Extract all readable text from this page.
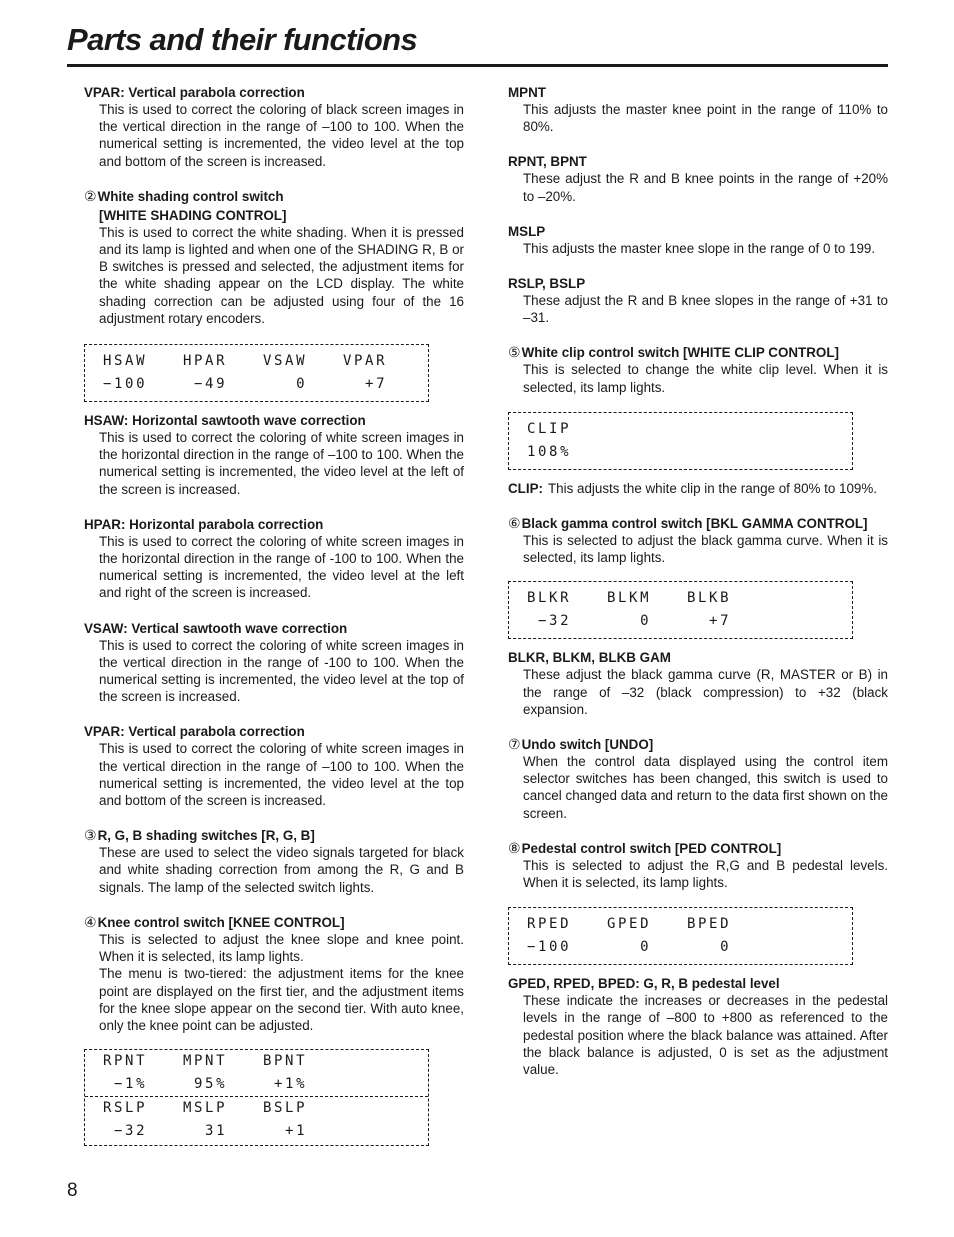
Parts and their functions

VPAR: Vertical parabola correction

This is used to correct the coloring of black screen images in the vertical direction in the range of –100 to 100. When the numerical setting is incremented, the video level at the top and bottom of the screen is increased.

②White shading control switch

[WHITE SHADING CONTROL]

This is used to correct the white shading. When it is pressed and its lamp is lighted and when one of the SHADING R, B or B switches is pressed and selected, the adjustment items for the white shading appear on the LCD display. The white shading correction can be adjusted using four of the 16 adjustment rotary encoders.

HSAW	HPAR	VSAW	VPAR
−100	−49	0	+7

HSAW: Horizontal sawtooth wave correction

This is used to correct the coloring of white screen images in the horizontal direction in the range of –100 to 100. When the numerical setting is incremented, the video level at the left of the screen is increased.

HPAR: Horizontal parabola correction

This is used to correct the coloring of white screen images in the horizontal direction in the range of -100 to 100. When the numerical setting is incremented, the video level at the left and right of the screen is increased.

VSAW: Vertical sawtooth wave correction

This is used to correct the coloring of white screen images in the vertical direction in the range of -100 to 100. When the numerical setting is incremented, the video level at the top of the screen is increased.

VPAR: Vertical parabola correction

This is used to correct the coloring of white screen images in the vertical direction in the range of –100 to 100. When the numerical setting is incremented, the video level at the top and bottom of the screen is increased.

③R, G, B shading switches [R, G, B]

These are used to select the video signals targeted for black and white shading correction from among the R, G and B signals. The lamp of the selected switch lights.

④Knee control switch [KNEE CONTROL]

This is selected to adjust the knee slope and knee point. When it is selected, its lamp lights.

The menu is two-tiered: the adjustment items for the knee point are displayed on the first tier, and the adjustment items for the knee slope appear on the second tier. With auto knee, only the knee point can be adjusted.

RPNT	MPNT	BPNT
−1%	95%	+1%
RSLP	MSLP	BSLP
−32	31	+1

MPNT

This adjusts the master knee point in the range of 110% to 80%.

RPNT, BPNT

These adjust the R and B knee points in the range of +20% to –20%.

MSLP

This adjusts the master knee slope in the range of 0 to 199.

RSLP, BSLP

These adjust the R and B knee slopes in the range of +31 to –31.

⑤White clip control switch [WHITE CLIP CONTROL]

This is selected to change the white clip level. When it is selected, its lamp lights.

CLIP
108%
CLIP: This adjusts the white clip in the range of 80% to 109%.

⑥Black gamma control switch [BKL GAMMA CONTROL]

This is selected to adjust the black gamma curve. When it is selected, its lamp lights.

BLKR	BLKM	BLKB
−32	0	+7

BLKR, BLKM, BLKB GAM

These adjust the black gamma curve (R, MASTER or B) in the range of –32 (black compression) to +32 (black expansion.

⑦Undo switch [UNDO]

When the control data displayed using the control item selector switches has been changed, this switch is used to cancel changed data and return to the data first shown on the screen.

⑧Pedestal control switch [PED CONTROL]

This is selected to adjust the R,G and B pedestal levels. When it is selected, its lamp lights.

RPED	GPED	BPED
−100	0	0

GPED, RPED, BPED: G, R, B pedestal level

These indicate the increases or decreases in the pedestal levels in the range of –800 to +800 as referenced to the pedestal position where the black balance was attained. After the black balance is adjusted, 0 is set as the adjustment value.

8
